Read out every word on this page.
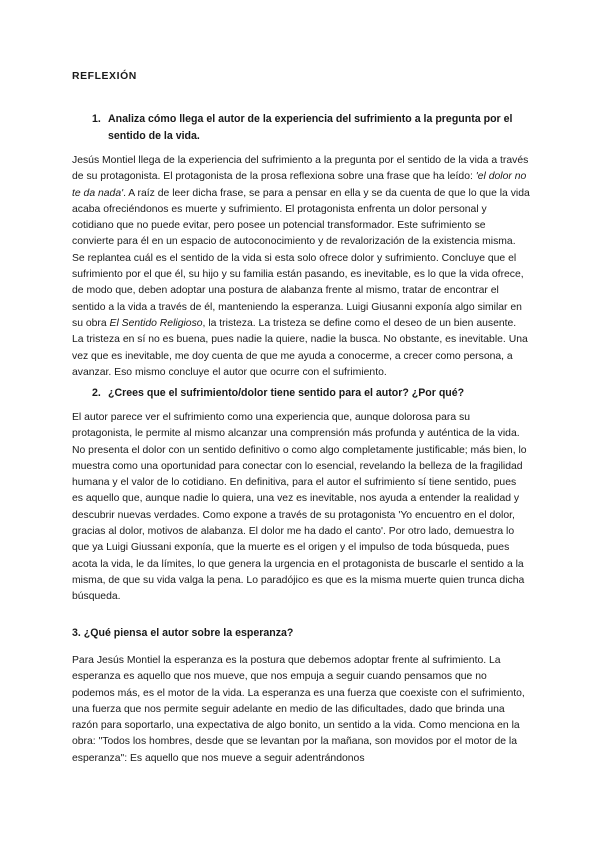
REFLEXIÓN
1. Analiza cómo llega el autor de la experiencia del sufrimiento a la pregunta por el sentido de la vida.

Jesús Montiel llega de la experiencia del sufrimiento a la pregunta por el sentido de la vida a través de su protagonista. El protagonista de la prosa reflexiona sobre una frase que ha leído: 'el dolor no te da nada'. A raíz de leer dicha frase, se para a pensar en ella y se da cuenta de que lo que la vida acaba ofreciéndonos es muerte y sufrimiento. El protagonista enfrenta un dolor personal y cotidiano que no puede evitar, pero posee un potencial transformador. Este sufrimiento se convierte para él en un espacio de autoconocimiento y de revalorización de la existencia misma. Se replantea cuál es el sentido de la vida si esta solo ofrece dolor y sufrimiento. Concluye que el sufrimiento por el que él, su hijo y su familia están pasando, es inevitable, es lo que la vida ofrece, de modo que, deben adoptar una postura de alabanza frente al mismo, tratar de encontrar el sentido a la vida a través de él, manteniendo la esperanza. Luigi Giusanni exponía algo similar en su obra El Sentido Religioso, la tristeza. La tristeza se define como el deseo de un bien ausente. La tristeza en sí no es buena, pues nadie la quiere, nadie la busca. No obstante, es inevitable. Una vez que es inevitable, me doy cuenta de que me ayuda a conocerme, a crecer como persona, a avanzar. Eso mismo concluye el autor que ocurre con el sufrimiento.

2. ¿Crees que el sufrimiento/dolor tiene sentido para el autor? ¿Por qué?

El autor parece ver el sufrimiento como una experiencia que, aunque dolorosa para su protagonista, le permite al mismo alcanzar una comprensión más profunda y auténtica de la vida. No presenta el dolor con un sentido definitivo o como algo completamente justificable; más bien, lo muestra como una oportunidad para conectar con lo esencial, revelando la belleza de la fragilidad humana y el valor de lo cotidiano. En definitiva, para el autor el sufrimiento sí tiene sentido, pues es aquello que, aunque nadie lo quiera, una vez es inevitable, nos ayuda a entender la realidad y descubrir nuevas verdades. Como expone a través de su protagonista 'Yo encuentro en el dolor, gracias al dolor, motivos de alabanza. El dolor me ha dado el canto'. Por otro lado, demuestra lo que ya Luigi Giussani exponía, que la muerte es el origen y el impulso de toda búsqueda, pues acota la vida, le da límites, lo que genera la urgencia en el protagonista de buscarle el sentido a la misma, de que su vida valga la pena. Lo paradójico es que es la misma muerte quien trunca dicha búsqueda.

3. ¿Qué piensa el autor sobre la esperanza?

Para Jesús Montiel la esperanza es la postura que debemos adoptar frente al sufrimiento. La esperanza es aquello que nos mueve, que nos empuja a seguir cuando pensamos que no podemos más, es el motor de la vida. La esperanza es una fuerza que coexiste con el sufrimiento, una fuerza que nos permite seguir adelante en medio de las dificultades, dado que brinda una razón para soportarlo, una expectativa de algo bonito, un sentido a la vida. Como menciona en la obra: "Todos los hombres, desde que se levantan por la mañana, son movidos por el motor de la esperanza": Es aquello que nos mueve a seguir adentrándonos
